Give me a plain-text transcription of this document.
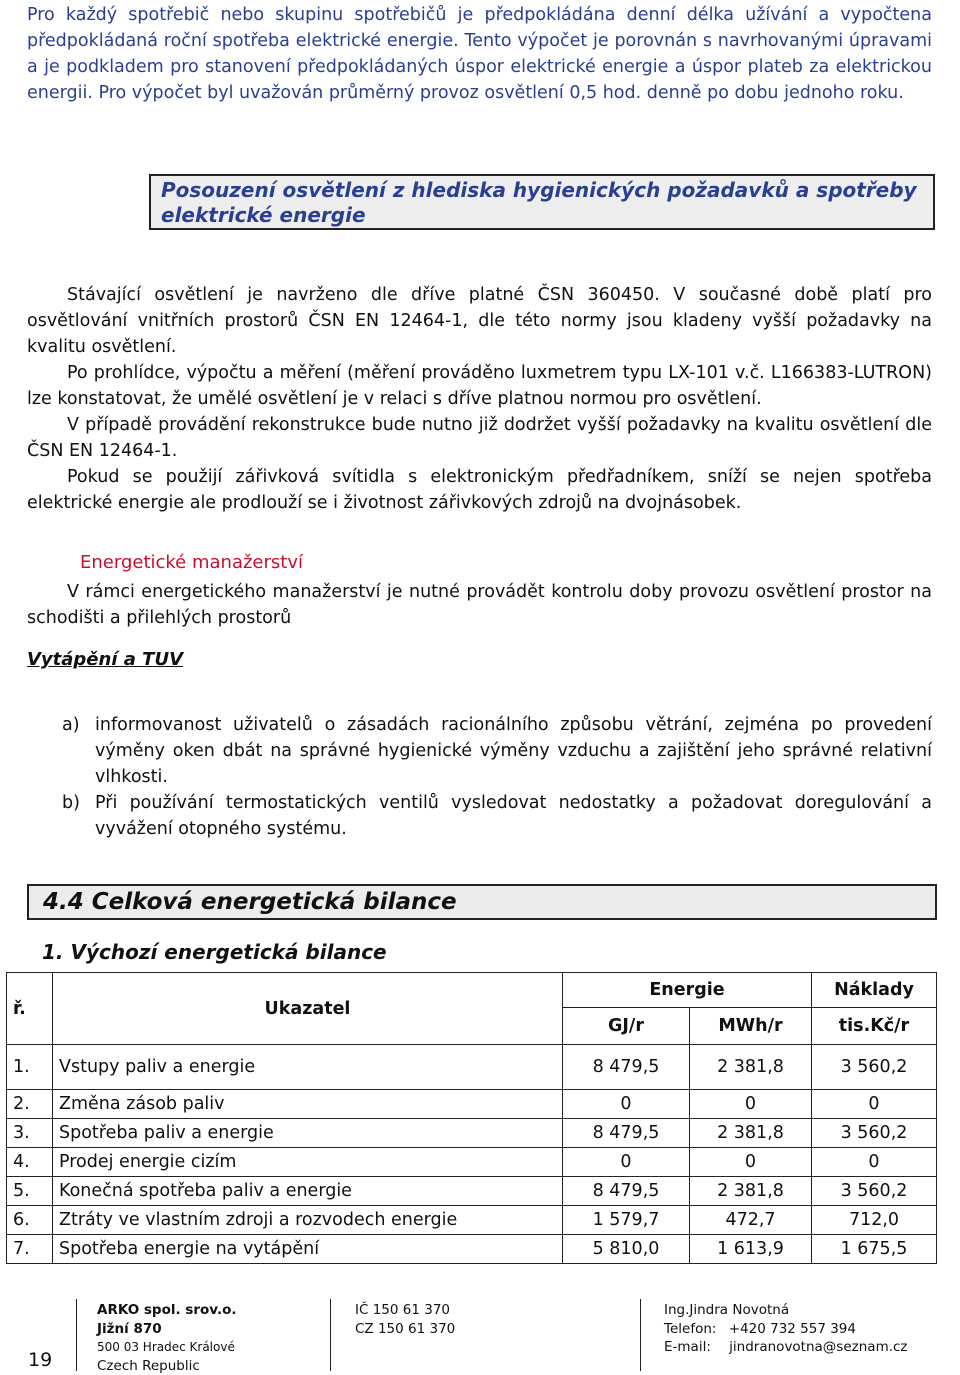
Pro každý spotřebič nebo skupinu spotřebičů je předpokládána denní délka užívání a vypočtena předpokládaná roční spotřeba elektrické energie. Tento výpočet je porovnán s navrhovanými úpravami a je podkladem pro stanovení předpokládaných úspor elektrické energie a úspor plateb za elektrickou energii. Pro výpočet byl uvažován průměrný provoz osvětlení 0,5 hod. denně po dobu jednoho roku.

Posouzení osvětlení z hlediska hygienických požadavků a spotřeby elektrické energie

Stávající osvětlení je navrženo dle dříve platné ČSN 360450. V současné době platí pro osvětlování vnitřních prostorů ČSN EN 12464-1, dle této normy jsou kladeny vyšší požadavky na kvalitu osvětlení.

Po prohlídce, výpočtu a měření (měření prováděno luxmetrem typu LX-101 v.č. L166383-LUTRON) lze konstatovat, že umělé osvětlení je v relaci s dříve platnou normou pro osvětlení.

V případě provádění rekonstrukce bude nutno již dodržet vyšší požadavky na kvalitu osvětlení dle ČSN EN 12464-1.

Pokud se použijí zářivková svítidla s elektronickým předřadníkem, sníží se nejen spotřeba elektrické energie ale prodlouží se i životnost zářivkových zdrojů na dvojnásobek.

Energetické manažerství

V rámci energetického manažerství je nutné provádět kontrolu doby provozu osvětlení prostor na schodišti a přilehlých prostorů

Vytápění a TUV
a) informovanost uživatelů o zásadách racionálního způsobu větrání, zejména po provedení výměny oken dbát na správné hygienické výměny vzduchu a zajištění jeho správné relativní vlhkosti.
b) Při používání termostatických ventilů vysledovat nedostatky a požadovat doregulování a vyvážení otopného systému.
4.4 Celková energetická bilance
1. Výchozí energetická bilance
ř.	Ukazatel	Energie		Náklady
		GJ/r	MWh/r	tis.Kč/r
1.	Vstupy paliv a energie	8 479,5	2 381,8	3 560,2
2.	Změna zásob paliv	0	0	0
3.	Spotřeba paliv a energie	8 479,5	2 381,8	3 560,2
4.	Prodej energie cizím	0	0	0
5.	Konečná spotřeba paliv a energie	8 479,5	2 381,8	3 560,2
6.	Ztráty ve vlastním zdroji a rozvodech energie	1 579,7	472,7	712,0
7.	Spotřeba energie na vytápění	5 810,0	1 613,9	1 675,5
19
ARKO spol. srov.o.
Jižní 870
500 03 Hradec Králové
Czech Republic
IČ 150 61 370
CZ 150 61 370
Ing.Jindra Novotná
Telefon: +420 732 557 394
E-mail: jindranovotna@seznam.cz
